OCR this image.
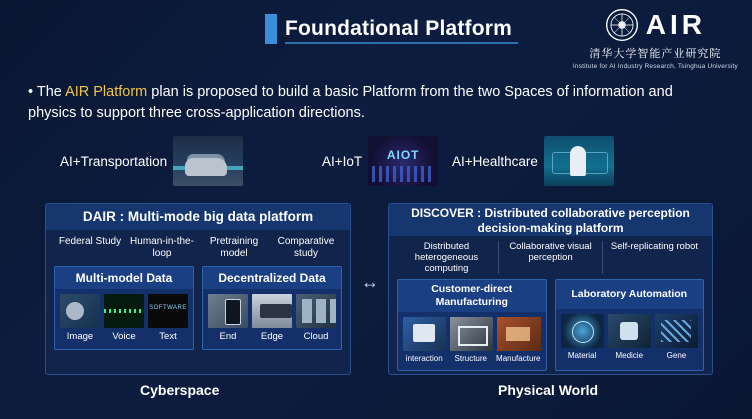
Foundational Platform	AIR
清华大学智能产业研究院
Institute for AI Industry Research, Tsinghua University
• The AIR Platform plan is proposed to build a basic Platform from the two Spaces of information and physics to support three cross-application directions.
AI+Transportation	AI+IoT AIOT	AI+Healthcare
DAIR : Multi-mode big data platform
Federal Study Human-in-the-loop
Pretraining model
Comparative study
Multi-model Data
SOFTWARE
Image	Voice	Text
Decentralized Data
End	Edge	Cloud
↔
DISCOVER : Distributed collaborative perception
decision-making platform
Distributed heterogeneous computing
Collaborative visual perception
Self-replicating robot
Customer-direct
Manufacturing
interaction	Structure	Manufacture
Laboratory Automation
Material	Medicie	Gene
Cyberspace	Physical World
